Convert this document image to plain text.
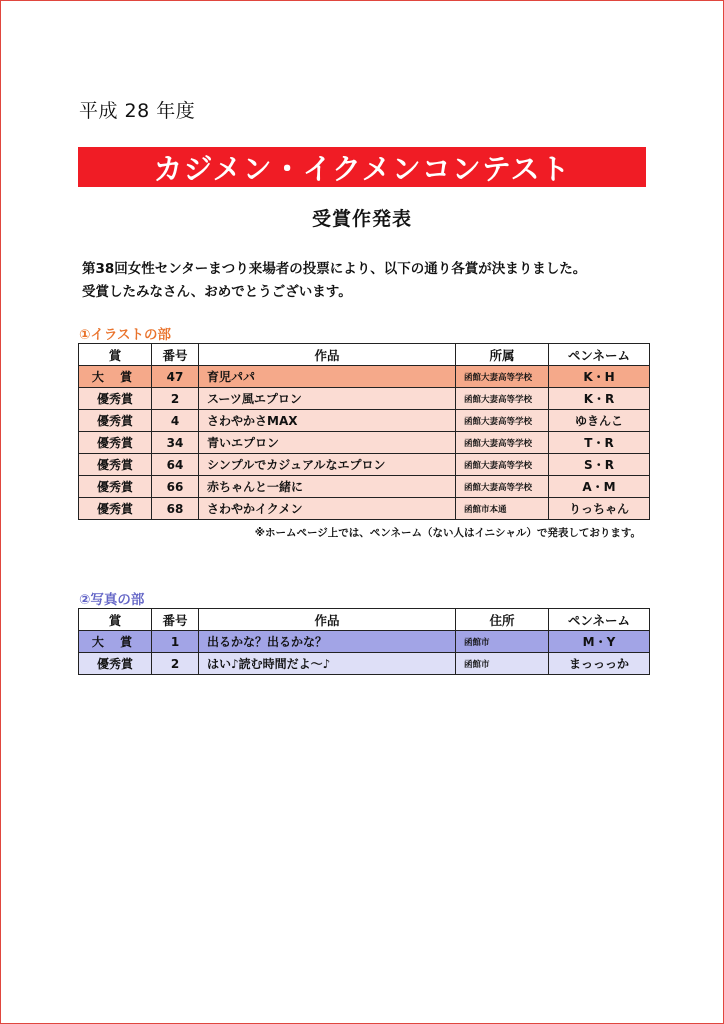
平成 28 年度
カジメン・イクメンコンテスト
受賞作発表
第38回女性センターまつり来場者の投票により、以下の通り各賞が決まりました。
受賞したみなさん、おめでとうございます。
①イラストの部
賞	番号	作品	所属	ペンネーム
大 賞	47	育児パパ	函館大妻高等学校	K・H
優秀賞	2	スーツ風エプロン	函館大妻高等学校	K・R
優秀賞	4	さわやかさMAX	函館大妻高等学校	ゆきんこ
優秀賞	34	青いエプロン	函館大妻高等学校	T・R
優秀賞	64	シンプルでカジュアルなエプロン	函館大妻高等学校	S・R
優秀賞	66	赤ちゃんと一緒に	函館大妻高等学校	A・M
優秀賞	68	さわやかイクメン	函館市本通	りっちゃん
※ホームページ上では、ペンネーム（ない人はイニシャル）で発表しております。
②写真の部
賞	番号	作品	住所	ペンネーム
大 賞	1	出るかな？出るかな？	函館市	M・Y
優秀賞	2	はい♪読む時間だよ～♪	函館市	まっっっか
